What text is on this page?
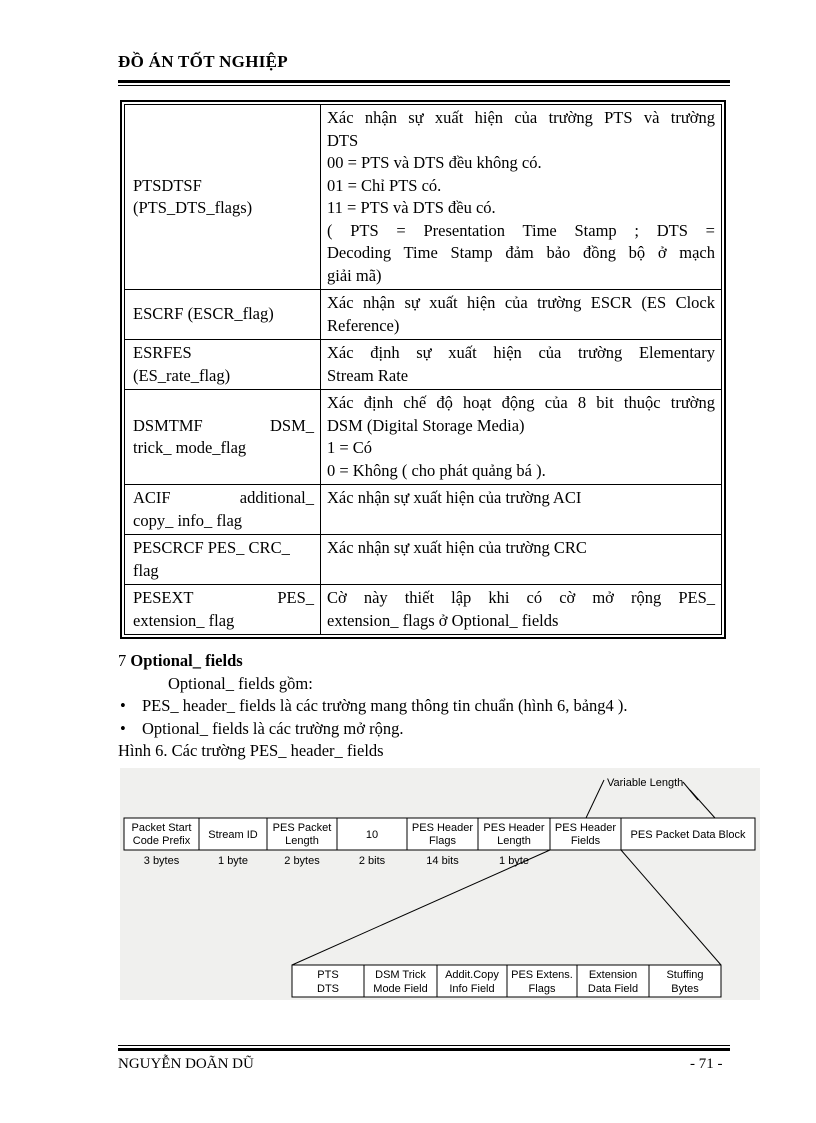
ĐỒ ÁN TỐT NGHIỆP
PTSDTSF
(PTS_DTS_flags)
Xác nhận sự xuất hiện của trường PTS và trường
DTS
00 = PTS và DTS đều không có.
01 = Chỉ PTS có.
11 = PTS và DTS đều có.
( PTS = Presentation Time Stamp ; DTS =
Decoding Time Stamp đảm bảo đồng bộ ở mạch
giải mã)
ESCRF (ESCR_flag)
Xác nhận sự xuất hiện của trường ESCR (ES Clock
Reference)
ESRFES
(ES_rate_flag)
Xác định sự xuất hiện của trường Elementary
Stream Rate
DSMTMF DSM_
trick_ mode_flag
Xác định chế độ hoạt động của 8 bit thuộc trường
DSM (Digital Storage Media)
1 = Có
0 = Không ( cho phát quảng bá ).
ACIF additional_
copy_ info_ flag
Xác nhận sự xuất hiện của trường ACI
PESCRCF PES_ CRC_
flag
Xác nhận sự xuất hiện của trường CRC
PESEXT PES_
extension_ flag
Cờ này thiết lập khi có cờ mở rộng PES_
extension_ flags ở Optional_ fields
7 Optional_ fields
Optional_ fields gồm:
• PES_ header_ fields là các trường mang thông tin chuẩn (hình 6, bảng4 ).
• Optional_ fields là các trường mở rộng.
Hình 6. Các trường PES_ header_ fields
Packet Start
Code Prefix
3 bytes
Stream ID
1 byte
PES Packet
Length
2 bytes
10
2 bits
PES Header
Flags
14 bits
PES Header
Length
1 byte
PES Header
Fields	PES Packet Data Block
Variable Length
PTS
DTS
DSM Trick
Mode Field
Addit.Copy
Info Field
PES Extens.
Flags
Extension
Data Field
Stuffing
Bytes
NGUYỄN DOÃN DŨ	- 71 -
